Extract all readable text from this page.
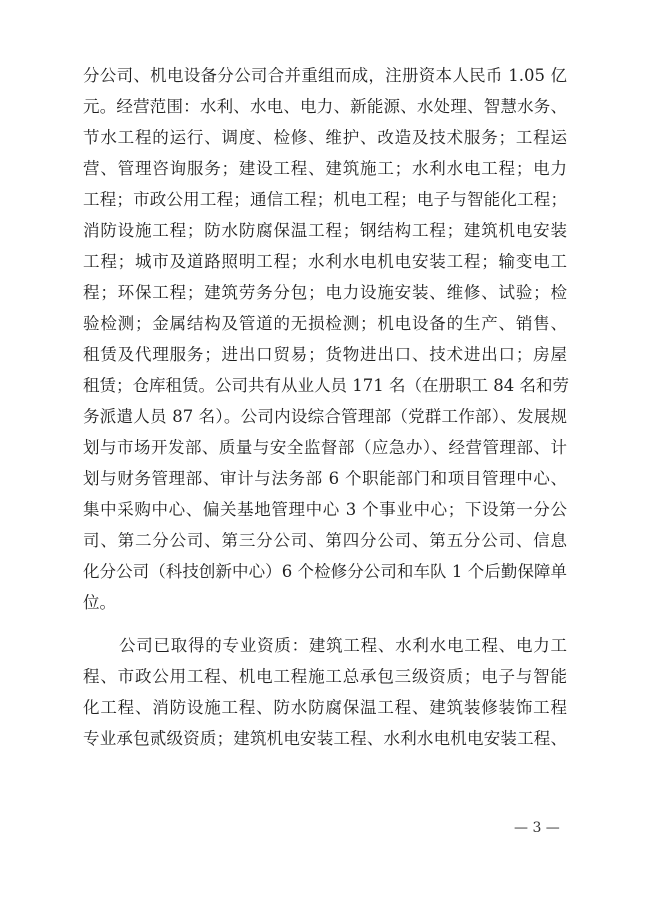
分公司、机电设备分公司合并重组而成，注册资本人民币 1.05 亿
元。经营范围：水利、水电、电力、新能源、水处理、智慧水务、
节水工程的运行、调度、检修、维护、改造及技术服务；工程运
营、管理咨询服务；建设工程、建筑施工；水利水电工程；电力
工程；市政公用工程；通信工程；机电工程；电子与智能化工程；
消防设施工程；防水防腐保温工程；钢结构工程；建筑机电安装
工程；城市及道路照明工程；水利水电机电安装工程；输变电工
程；环保工程；建筑劳务分包；电力设施安装、维修、试验；检
验检测；金属结构及管道的无损检测；机电设备的生产、销售、
租赁及代理服务；进出口贸易；货物进出口、技术进出口；房屋
租赁；仓库租赁。公司共有从业人员 171 名（在册职工 84 名和劳
务派遣人员 87 名）。公司内设综合管理部（党群工作部）、发展规
划与市场开发部、质量与安全监督部（应急办）、经营管理部、计
划与财务管理部、审计与法务部 6 个职能部门和项目管理中心、
集中采购中心、偏关基地管理中心 3 个事业中心；下设第一分公
司、第二分公司、第三分公司、第四分公司、第五分公司、信息
化分公司（科技创新中心）6 个检修分公司和车队 1 个后勤保障单
位。
公司已取得的专业资质：建筑工程、水利水电工程、电力工
程、市政公用工程、机电工程施工总承包三级资质；电子与智能
化工程、消防设施工程、防水防腐保温工程、建筑装修装饰工程
专业承包贰级资质；建筑机电安装工程、水利水电机电安装工程、
— 3 —
